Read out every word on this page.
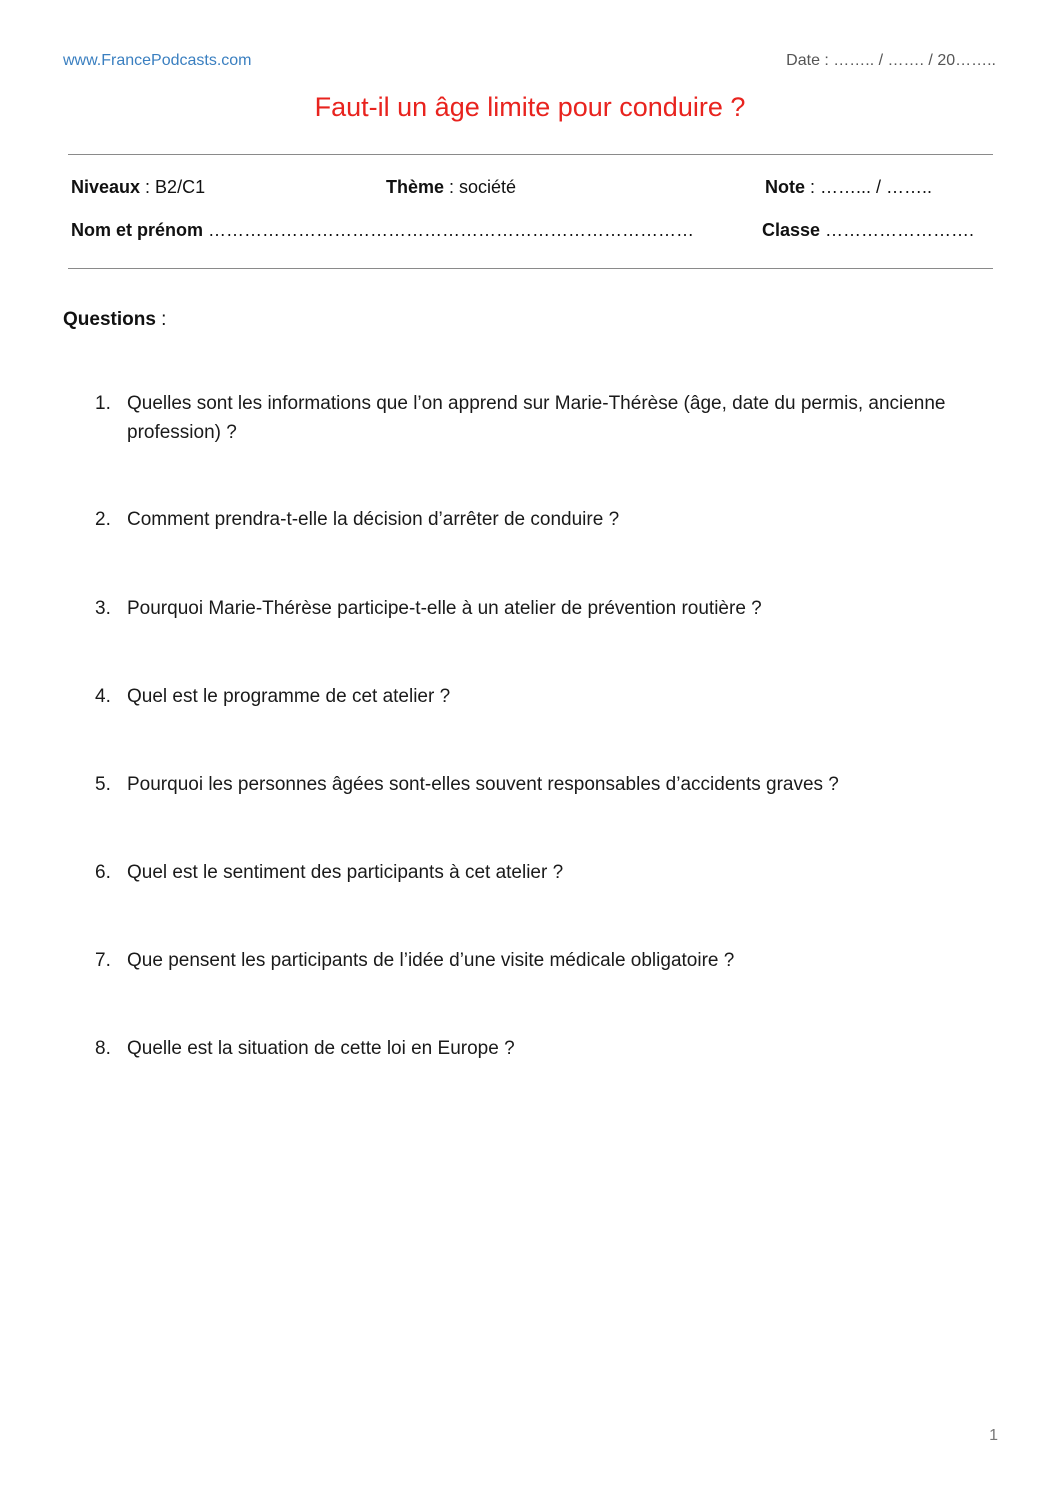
www.FrancePodcasts.com	Date : …….. / ……. / 20……..
Faut-il un âge limite pour conduire ?
Niveaux : B2/C1	Thème : société	Note : ……... / ……..
Nom et prénom ………………………………………………………………………	Classe …………………….
Questions :
1. Quelles sont les informations que l’on apprend sur Marie-Thérèse (âge, date du permis, ancienne profession) ?
2. Comment prendra-t-elle la décision d’arrêter de conduire ?
3. Pourquoi Marie-Thérèse participe-t-elle à un atelier de prévention routière ?
4. Quel est le programme de cet atelier ?
5. Pourquoi les personnes âgées sont-elles souvent responsables d’accidents graves ?
6. Quel est le sentiment des participants à cet atelier ?
7. Que pensent les participants de l’idée d’une visite médicale obligatoire ?
8. Quelle est la situation de cette loi en Europe ?
1
